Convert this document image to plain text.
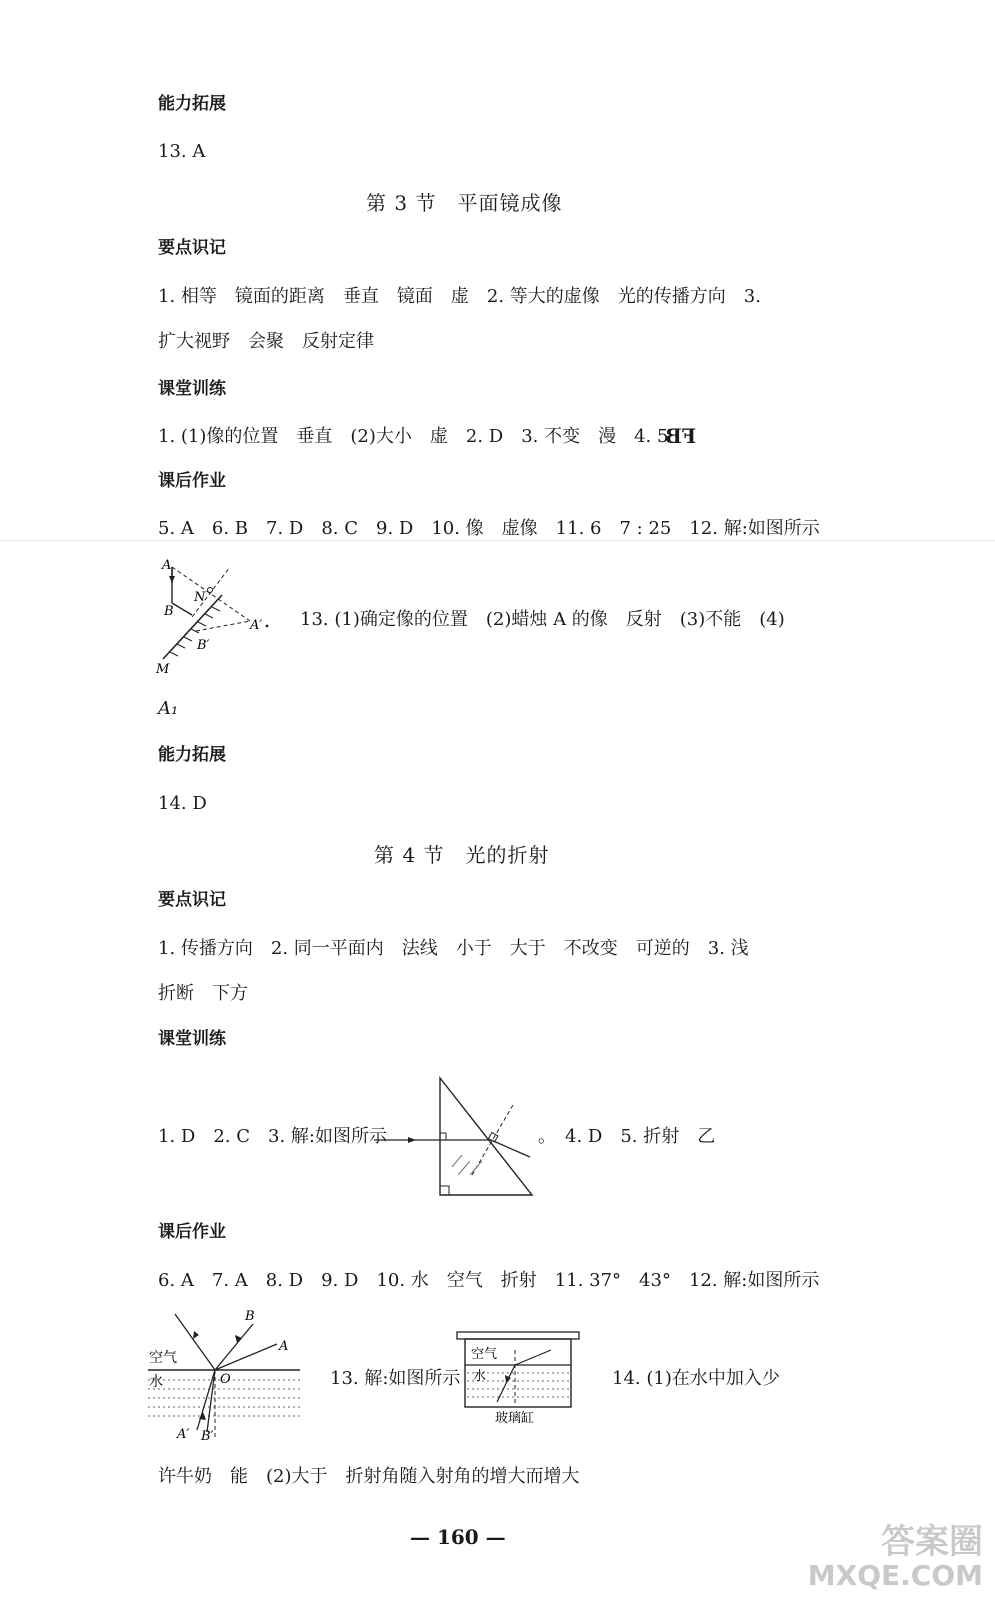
能力拓展
13. A
第 3 节　平面镜成像
要点识记
1. 相等　镜面的距离　垂直　镜面　虚　2. 等大的虚像　光的传播方向　3.
扩大视野　会聚　反射定律
课堂训练
1. (1)像的位置　垂直　(2)大小　虚　2. D　3. 不变　漫　4. 5
FB
课后作业
5. A　6. B　7. D　8. C　9. D　10. 像　虚像　11. 6　7 : 25　12. 解:如图所示
A
N
B
A′
B′
M
13. (1)确定像的位置　(2)蜡烛 A 的像　反射　(3)不能　(4)
A₁
能力拓展
14. D
第 4 节　光的折射
要点识记
1. 传播方向　2. 同一平面内　法线　小于　大于　不改变　可逆的　3. 浅
折断　下方
课堂训练
1. D　2. C　3. 解:如图所示	。　4. D　5. 折射　乙
课后作业
6. A　7. A　8. D　9. D　10. 水　空气　折射　11. 37°　43°　12. 解:如图所示
B
A
空气
水	O
A′ B′
13. 解:如图所示
空气
水
玻璃缸
14. (1)在水中加入少
许牛奶　能　(2)大于　折射角随入射角的增大而增大
— 160 —	答案圈
MXQE.COM
